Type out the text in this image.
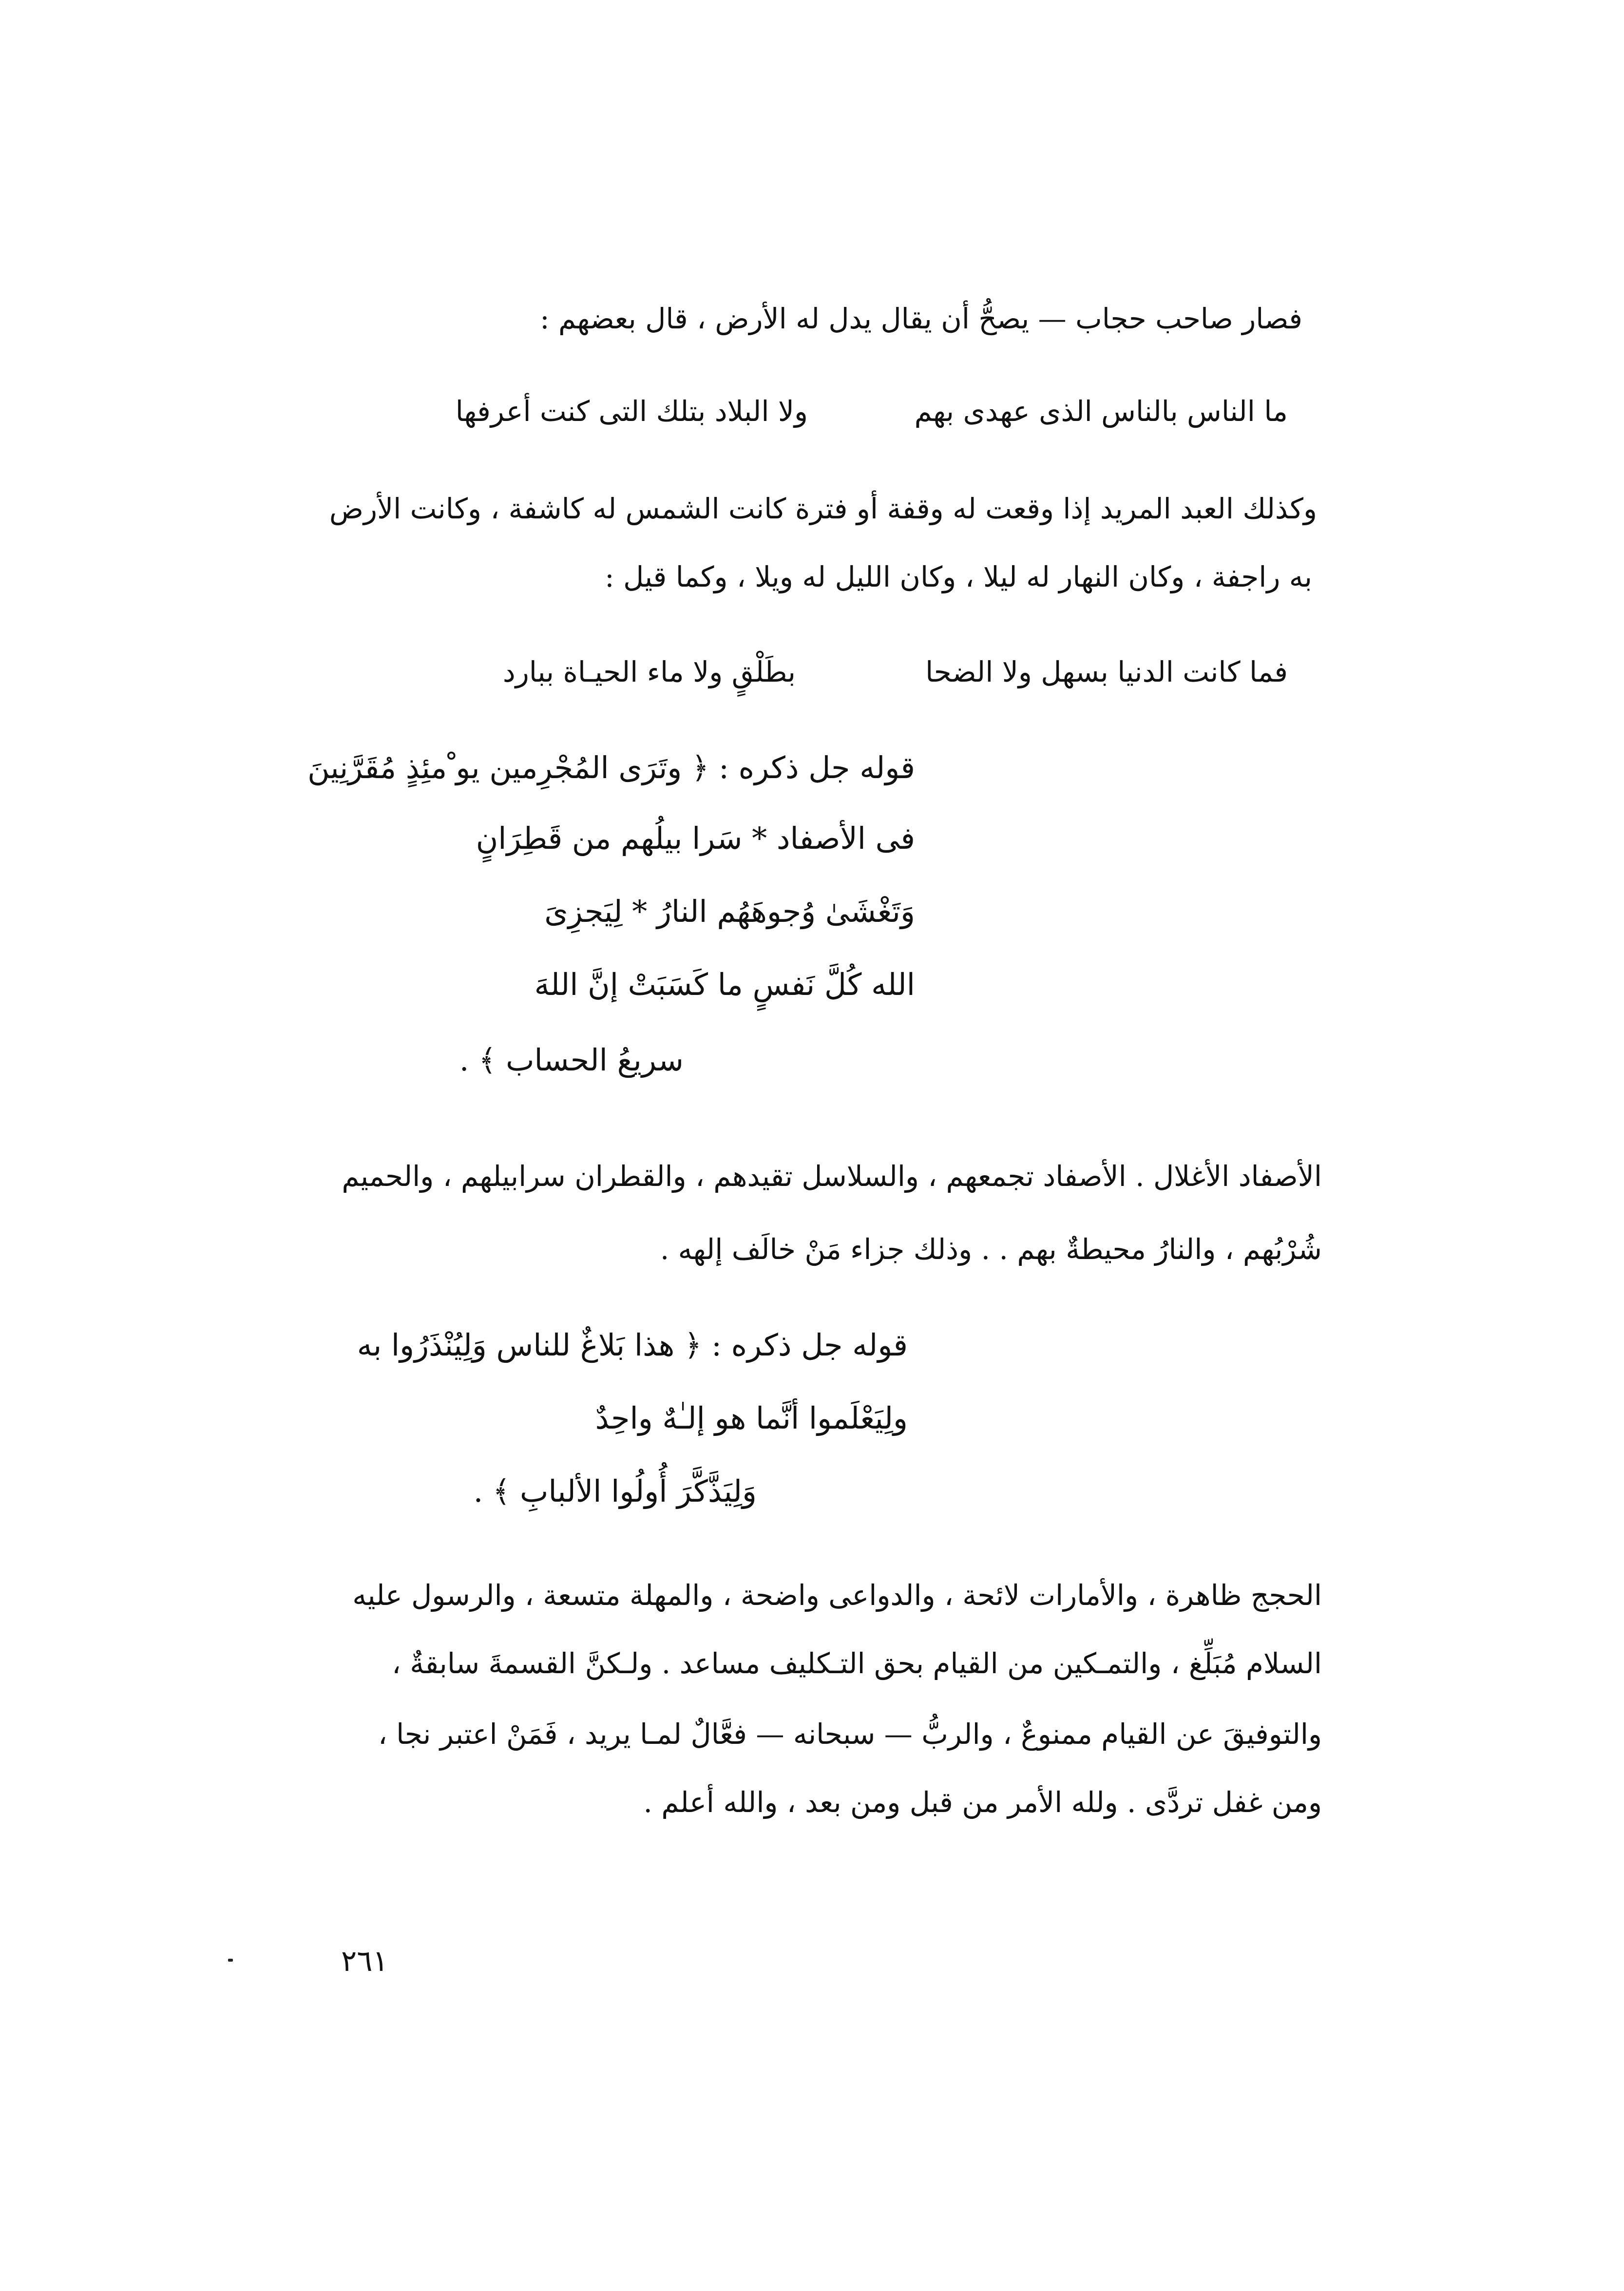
فصار صاحب حجاب — يصحُّ أن يقال يدل له الأرض ، قال بعضهم :
ما الناس بالناس الذى عهدى بهم
ولا البلاد بتلك التى كنت أعرفها
وكذلك العبد المريد إذا وقعت له وقفة أو فترة كانت الشمس له كاشفة ، وكانت الأرض
به راجفة ، وكان النهار له ليلا ، وكان الليل له ويلا ، وكما قيل :
فما كانت الدنيا بسهل ولا الضحا
بطَلْقٍ ولا ماء الحيـاة ببارد
قوله جل ذكره : ﴿ وتَرَى المُجْرِمين يو ْمئِذٍ مُقَرَّنِينَ
فى الأصفاد * سَرا بيلُهم من قَطِرَانٍ
وَتَغْشَىٰ وُجوهَهُم النارُ * لِيَجزِىَ
الله كُلَّ نَفسٍ ما كَسَبَتْ إنَّ اللهَ
سريعُ الحساب ﴾ .
الأصفاد الأغلال . الأصفاد تجمعهم ، والسلاسل تقيدهم ، والقطران سرابيلهم ، والحميم
شُرْبُهم ، والنارُ محيطةٌ بهم . . وذلك جزاء مَنْ خالَف إلهه .
قوله جل ذكره : ﴿ هذا بَلاغٌ للناس وَلِيُنْذَرُوا به
ولِيَعْلَموا أنَّما هو إلـٰهٌ واحِدٌ
وَلِيَذَّكَّرَ أُولُوا الألبابِ ﴾ .
الحجج ظاهرة ، والأمارات لائحة ، والدواعى واضحة ، والمهلة متسعة ، والرسول عليه
السلام مُبَلِّغ ، والتمـكين من القيام بحق التـكليف مساعد . ولـكنَّ القسمةَ سابقةٌ ،
والتوفيقَ عن القيام ممنوعٌ ، والربُّ — سبحانه — فعَّالٌ لمـا يريد ، فَمَنْ اعتبر نجا ،
ومن غفل تردَّى . ولله الأمر من قبل ومن بعد ، والله أعلم .
٢٦١
